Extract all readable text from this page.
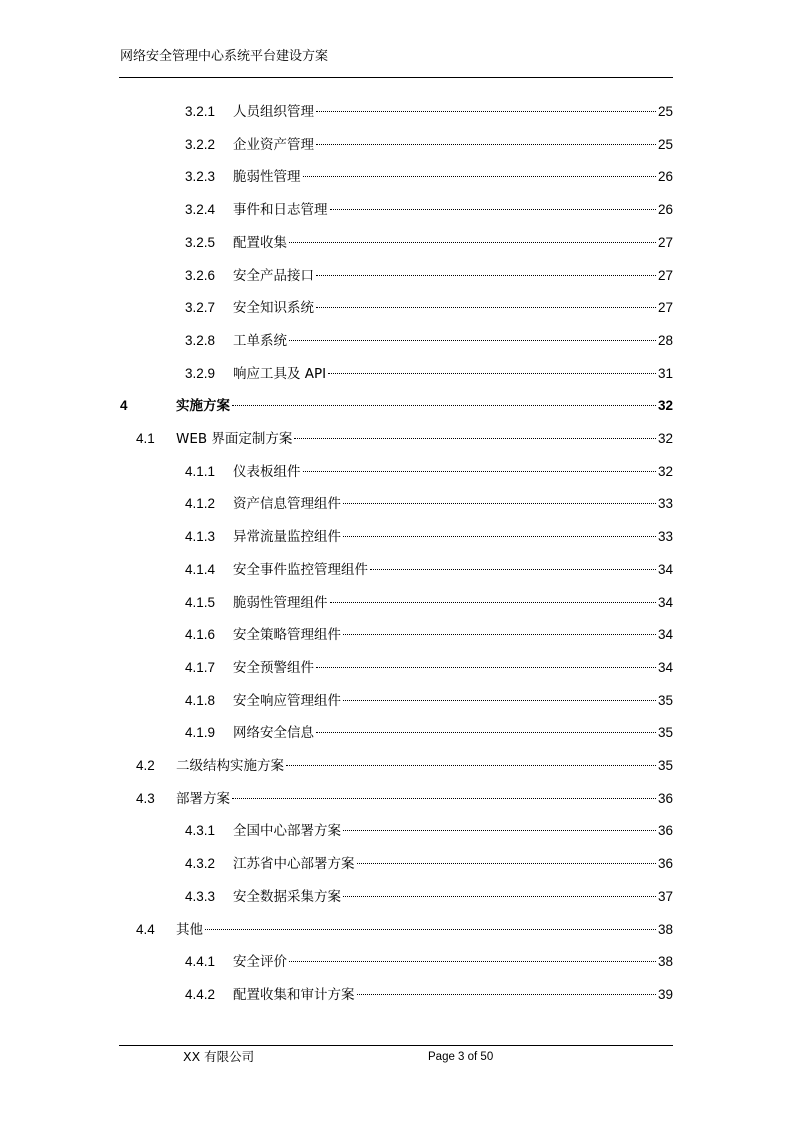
网络安全管理中心系统平台建设方案
3.2.1	人员组织管理	25
3.2.2	企业资产管理	25
3.2.3	脆弱性管理	26
3.2.4	事件和日志管理	26
3.2.5	配置收集	27
3.2.6	安全产品接口	27
3.2.7	安全知识系统	27
3.2.8	工单系统	28
3.2.9	响应工具及 API	31
4	实施方案	32
4.1	WEB 界面定制方案	32
4.1.1	仪表板组件	32
4.1.2	资产信息管理组件	33
4.1.3	异常流量监控组件	33
4.1.4	安全事件监控管理组件	34
4.1.5	脆弱性管理组件	34
4.1.6	安全策略管理组件	34
4.1.7	安全预警组件	34
4.1.8	安全响应管理组件	35
4.1.9	网络安全信息	35
4.2	二级结构实施方案	35
4.3	部署方案	36
4.3.1	全国中心部署方案	36
4.3.2	江苏省中心部署方案	36
4.3.3	安全数据采集方案	37
4.4	其他	38
4.4.1	安全评价	38
4.4.2	配置收集和审计方案	39
XX 有限公司	Page 3 of 50
